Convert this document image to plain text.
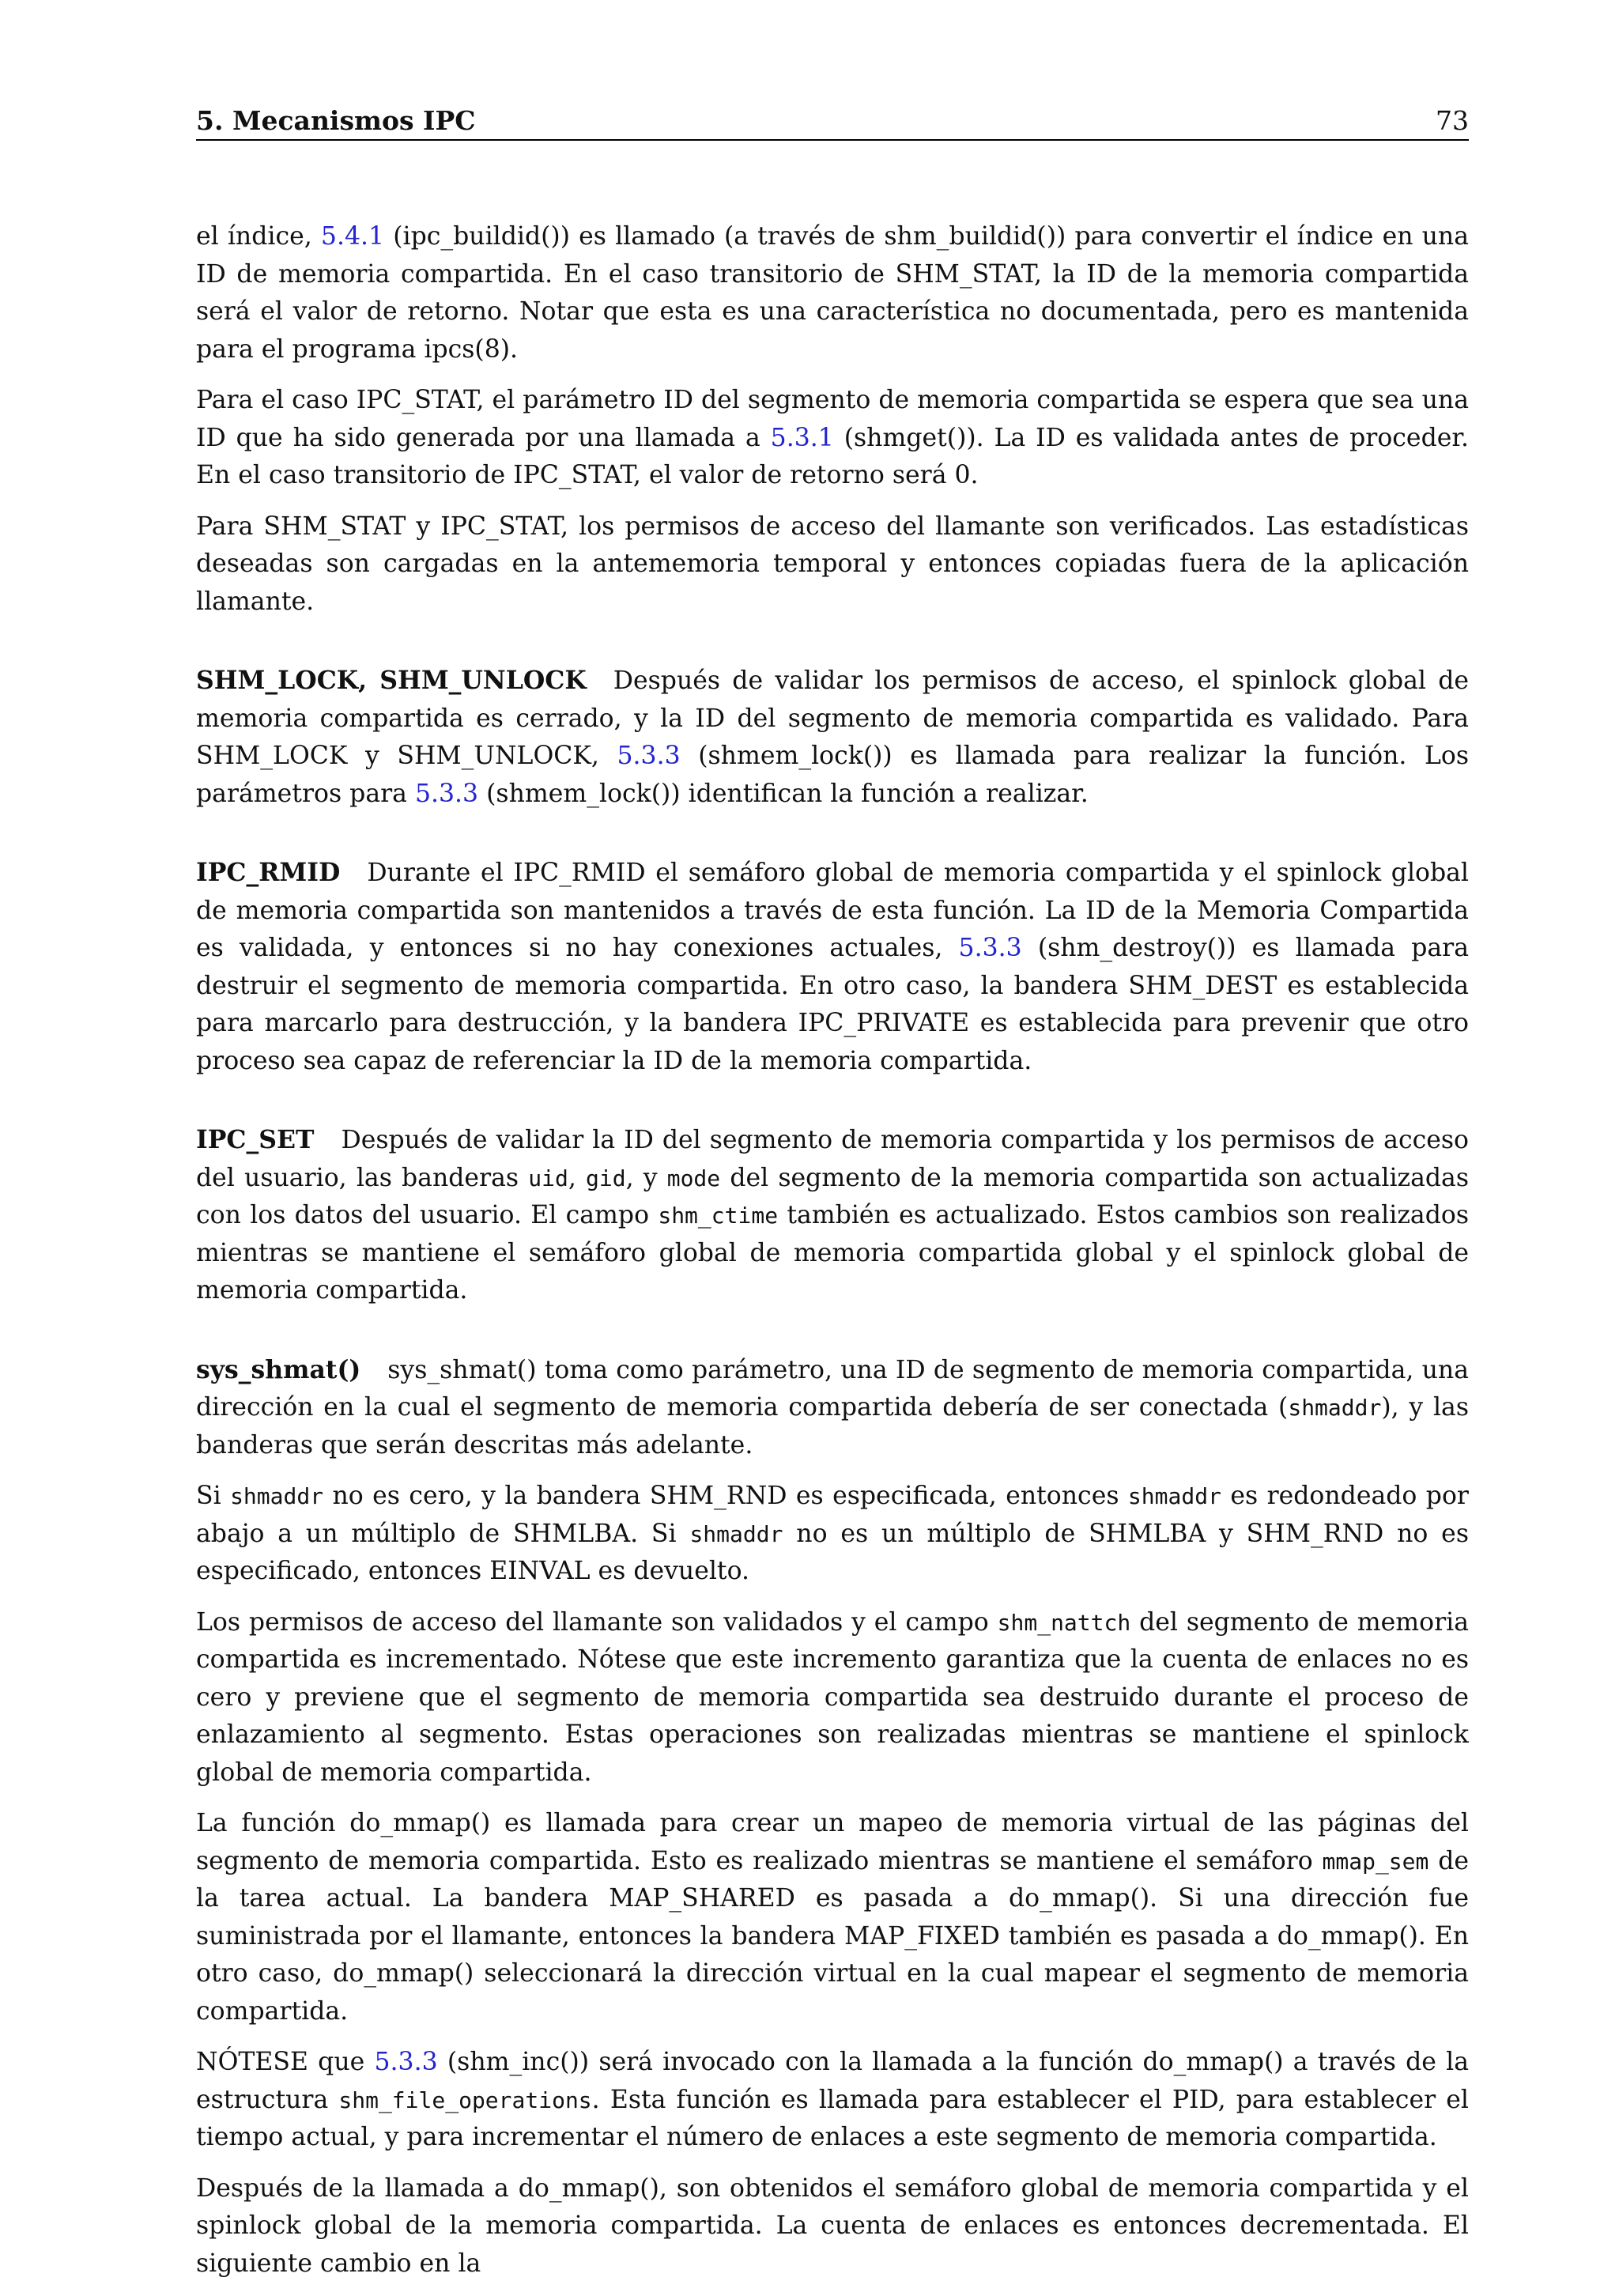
5. Mecanismos IPC	73

el índice, 5.4.1 (ipc_buildid()) es llamado (a través de shm_buildid()) para convertir el índice en una ID de memoria compartida. En el caso transitorio de SHM_STAT, la ID de la memoria compartida será el valor de retorno. Notar que esta es una característica no documentada, pero es mantenida para el programa ipcs(8).

Para el caso IPC_STAT, el parámetro ID del segmento de memoria compartida se espera que sea una ID que ha sido generada por una llamada a 5.3.1 (shmget()). La ID es validada antes de proceder. En el caso transitorio de IPC_STAT, el valor de retorno será 0.

Para SHM_STAT y IPC_STAT, los permisos de acceso del llamante son verificados. Las estadísticas deseadas son cargadas en la antememoria temporal y entonces copiadas fuera de la aplicación llamante.

SHM_LOCK, SHM_UNLOCK Después de validar los permisos de acceso, el spinlock global de memoria compartida es cerrado, y la ID del segmento de memoria compartida es validado. Para SHM_LOCK y SHM_UNLOCK, 5.3.3 (shmem_lock()) es llamada para realizar la función. Los parámetros para 5.3.3 (shmem_lock()) identifican la función a realizar.

IPC_RMID Durante el IPC_RMID el semáforo global de memoria compartida y el spinlock global de memoria compartida son mantenidos a través de esta función. La ID de la Memoria Compartida es validada, y entonces si no hay conexiones actuales, 5.3.3 (shm_destroy()) es llamada para destruir el segmento de memoria compartida. En otro caso, la bandera SHM_DEST es establecida para marcarlo para destrucción, y la bandera IPC_PRIVATE es establecida para prevenir que otro proceso sea capaz de referenciar la ID de la memoria compartida.

IPC_SET Después de validar la ID del segmento de memoria compartida y los permisos de acceso del usuario, las banderas uid, gid, y mode del segmento de la memoria compartida son actualizadas con los datos del usuario. El campo shm_ctime también es actualizado. Estos cambios son realizados mientras se mantiene el semáforo global de memoria compartida global y el spinlock global de memoria compartida.

sys_shmat() sys_shmat() toma como parámetro, una ID de segmento de memoria compartida, una dirección en la cual el segmento de memoria compartida debería de ser conectada (shmaddr), y las banderas que serán descritas más adelante.

Si shmaddr no es cero, y la bandera SHM_RND es especificada, entonces shmaddr es redondeado por abajo a un múltiplo de SHMLBA. Si shmaddr no es un múltiplo de SHMLBA y SHM_RND no es especificado, entonces EINVAL es devuelto.

Los permisos de acceso del llamante son validados y el campo shm_nattch del segmento de memoria compartida es incrementado. Nótese que este incremento garantiza que la cuenta de enlaces no es cero y previene que el segmento de memoria compartida sea destruido durante el proceso de enlazamiento al segmento. Estas operaciones son realizadas mientras se mantiene el spinlock global de memoria compartida.

La función do_mmap() es llamada para crear un mapeo de memoria virtual de las páginas del segmento de memoria compartida. Esto es realizado mientras se mantiene el semáforo mmap_sem de la tarea actual. La bandera MAP_SHARED es pasada a do_mmap(). Si una dirección fue suministrada por el llamante, entonces la bandera MAP_FIXED también es pasada a do_mmap(). En otro caso, do_mmap() seleccionará la dirección virtual en la cual mapear el segmento de memoria compartida.

NÓTESE que 5.3.3 (shm_inc()) será invocado con la llamada a la función do_mmap() a través de la estructura shm_file_operations. Esta función es llamada para establecer el PID, para establecer el tiempo actual, y para incrementar el número de enlaces a este segmento de memoria compartida.

Después de la llamada a do_mmap(), son obtenidos el semáforo global de memoria compartida y el spinlock global de la memoria compartida. La cuenta de enlaces es entonces decrementada. El siguiente cambio en la
